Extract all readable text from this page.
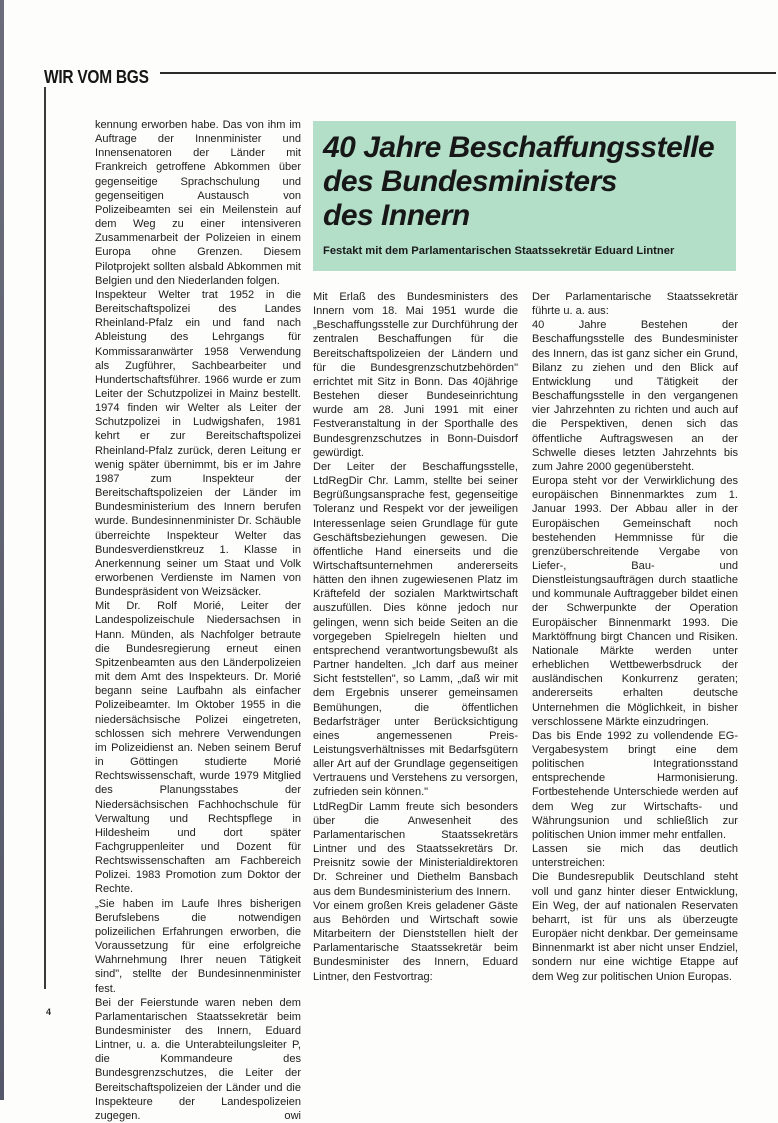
WIR VOM BGS
40 Jahre Beschaffungsstelle
des Bundesministers
des Innern
Festakt mit dem Parlamentarischen Staatssekretär Eduard Lintner

kennung erworben habe. Das von ihm im Auftrage der Innenminister und Innensenatoren der Länder mit Frankreich getroffene Abkommen über gegenseitige Sprachschulung und gegenseitigen Austausch von Polizeibeamten sei ein Meilenstein auf dem Weg zu einer intensiveren Zusammenarbeit der Polizeien in einem Europa ohne Grenzen. Diesem Pilotprojekt sollten alsbald Abkommen mit Belgien und den Niederlanden folgen.

Inspekteur Welter trat 1952 in die Bereitschaftspolizei des Landes Rheinland-Pfalz ein und fand nach Ableistung des Lehrgangs für Kommissaranwärter 1958 Verwendung als Zugführer, Sachbearbeiter und Hundertschaftsführer. 1966 wurde er zum Leiter der Schutzpolizei in Mainz bestellt. 1974 finden wir Welter als Leiter der Schutzpolizei in Ludwigshafen, 1981 kehrt er zur Bereitschaftspolizei Rheinland-Pfalz zurück, deren Leitung er wenig später übernimmt, bis er im Jahre 1987 zum Inspekteur der Bereitschaftspolizeien der Länder im Bundesministerium des Innern berufen wurde. Bundesinnenminister Dr. Schäuble überreichte Inspekteur Welter das Bundesverdienstkreuz 1. Klasse in Anerkennung seiner um Staat und Volk erworbenen Verdienste im Namen von Bundespräsident von Weizsäcker.

Mit Dr. Rolf Morié, Leiter der Landespolizeischule Niedersachsen in Hann. Münden, als Nachfolger betraute die Bundesregierung erneut einen Spitzenbeamten aus den Länderpolizeien mit dem Amt des Inspekteurs. Dr. Morié begann seine Laufbahn als einfacher Polizeibeamter. Im Oktober 1955 in die niedersächsische Polizei eingetreten, schlossen sich mehrere Verwendungen im Polizeidienst an. Neben seinem Beruf in Göttingen studierte Morié Rechtswissenschaft, wurde 1979 Mitglied des Planungsstabes der Niedersächsischen Fachhochschule für Verwaltung und Rechtspflege in Hildesheim und dort später Fachgruppenleiter und Dozent für Rechtswissenschaften am Fachbereich Polizei. 1983 Promotion zum Doktor der Rechte.

„Sie haben im Laufe Ihres bisherigen Berufslebens die notwendigen polizeilichen Erfahrungen erworben, die Voraussetzung für eine erfolgreiche Wahrnehmung Ihrer neuen Tätigkeit sind", stellte der Bundesinnenminister fest.

Bei der Feierstunde waren neben dem Parlamentarischen Staatssekretär beim Bundesminister des Innern, Eduard Lintner, u. a. die Unterabteilungsleiter P, die Kommandeure des Bundesgrenzschutzes, die Leiter der Bereitschaftspolizeien der Länder und die Inspekteure der Landespolizeien zugegen.	owi

Mit Erlaß des Bundesministers des Innern vom 18. Mai 1951 wurde die „Beschaffungsstelle zur Durchführung der zentralen Beschaffungen für die Bereitschaftspolizeien der Ländern und für die Bundesgrenzschutzbehörden" errichtet mit Sitz in Bonn. Das 40jährige Bestehen dieser Bundeseinrichtung wurde am 28. Juni 1991 mit einer Festveranstaltung in der Sporthalle des Bundesgrenzschutzes in Bonn-Duisdorf gewürdigt.

Der Leiter der Beschaffungsstelle, LtdRegDir Chr. Lamm, stellte bei seiner Begrüßungsansprache fest, gegenseitige Toleranz und Respekt vor der jeweiligen Interessenlage seien Grundlage für gute Geschäftsbeziehungen gewesen. Die öffentliche Hand einerseits und die Wirtschaftsunternehmen andererseits hätten den ihnen zugewiesenen Platz im Kräftefeld der sozialen Marktwirtschaft auszufüllen. Dies könne jedoch nur gelingen, wenn sich beide Seiten an die vorgegeben Spielregeln hielten und entsprechend verantwortungsbewußt als Partner handelten. „Ich darf aus meiner Sicht feststellen", so Lamm, „daß wir mit dem Ergebnis unserer gemeinsamen Bemühungen, die öffentlichen Bedarfsträger unter Berücksichtigung eines angemessenen Preis-Leistungsverhältnisses mit Bedarfsgütern aller Art auf der Grundlage gegenseitigen Vertrauens und Verstehens zu versorgen, zufrieden sein können."

LtdRegDir Lamm freute sich besonders über die Anwesenheit des Parlamentarischen Staatssekretärs Lintner und des Staatssekretärs Dr. Preisnitz sowie der Ministerialdirektoren Dr. Schreiner und Diethelm Bansbach aus dem Bundesministerium des Innern.

Vor einem großen Kreis geladener Gäste aus Behörden und Wirtschaft sowie Mitarbeitern der Dienststellen hielt der Parlamentarische Staatssekretär beim Bundesminister des Innern, Eduard Lintner, den Festvortrag:

Der Parlamentarische Staatssekretär führte u. a. aus:

40 Jahre Bestehen der Beschaffungsstelle des Bundesminister des Innern, das ist ganz sicher ein Grund, Bilanz zu ziehen und den Blick auf Entwicklung und Tätigkeit der Beschaffungsstelle in den vergangenen vier Jahrzehnten zu richten und auch auf die Perspektiven, denen sich das öffentliche Auftragswesen an der Schwelle dieses letzten Jahrzehnts bis zum Jahre 2000 gegenübersteht.

Europa steht vor der Verwirklichung des europäischen Binnenmarktes zum 1. Januar 1993. Der Abbau aller in der Europäischen Gemeinschaft noch bestehenden Hemmnisse für die grenzüberschreitende Vergabe von Liefer-, Bau- und Dienstleistungsaufträgen durch staatliche und kommunale Auftraggeber bildet einen der Schwerpunkte der Operation Europäischer Binnenmarkt 1993. Die Marktöffnung birgt Chancen und Risiken. Nationale Märkte werden unter erheblichen Wettbewerbsdruck der ausländischen Konkurrenz geraten; andererseits erhalten deutsche Unternehmen die Möglichkeit, in bisher verschlossene Märkte einzudringen.

Das bis Ende 1992 zu vollendende EG-Vergabesystem bringt eine dem politischen Integrationsstand entsprechende Harmonisierung. Fortbestehende Unterschiede werden auf dem Weg zur Wirtschafts- und Währungsunion und schließlich zur politischen Union immer mehr entfallen.

Lassen sie mich das deutlich unterstreichen:

Die Bundesrepublik Deutschland steht voll und ganz hinter dieser Entwicklung, Ein Weg, der auf nationalen Reservaten beharrt, ist für uns als überzeugte Europäer nicht denkbar. Der gemeinsame Binnenmarkt ist aber nicht unser Endziel, sondern nur eine wichtige Etappe auf dem Weg zur politischen Union Europas.

4
